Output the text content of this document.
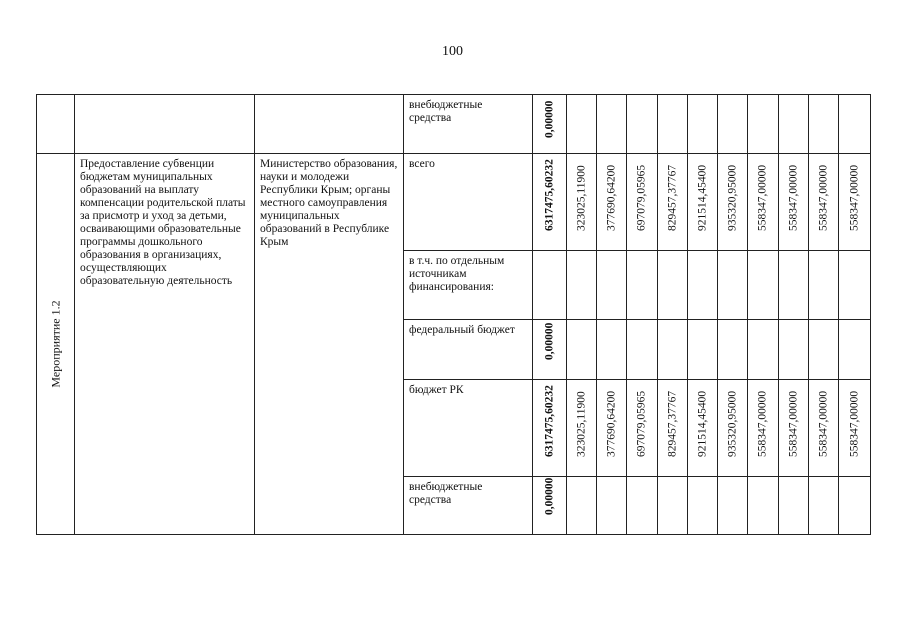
100

			внебюджетные средства	0,00000										

Мероприятие 1.2	Предоставление субвенции бюджетам муниципальных образований на выплату компенсации родительской платы за присмотр и уход за детьми, осваивающими образовательные программы дошкольного образования в организациях, осуществляющих образовательную деятельность	Министерство образования, науки и молодежи Республики Крым; органы местного самоуправления муниципальных образований в Республике Крым	всего	6317475,60232	323025,11900	377690,64200	697079,05965	829457,37767	921514,45400	935320,95000	558347,00000	558347,00000	558347,00000	558347,00000

			в т.ч. по отдельным источникам финансирования:											

			федеральный бюджет	0,00000										

			бюджет РК	6317475,60232	323025,11900	377690,64200	697079,05965	829457,37767	921514,45400	935320,95000	558347,00000	558347,00000	558347,00000	558347,00000

			внебюджетные средства	0,00000										
